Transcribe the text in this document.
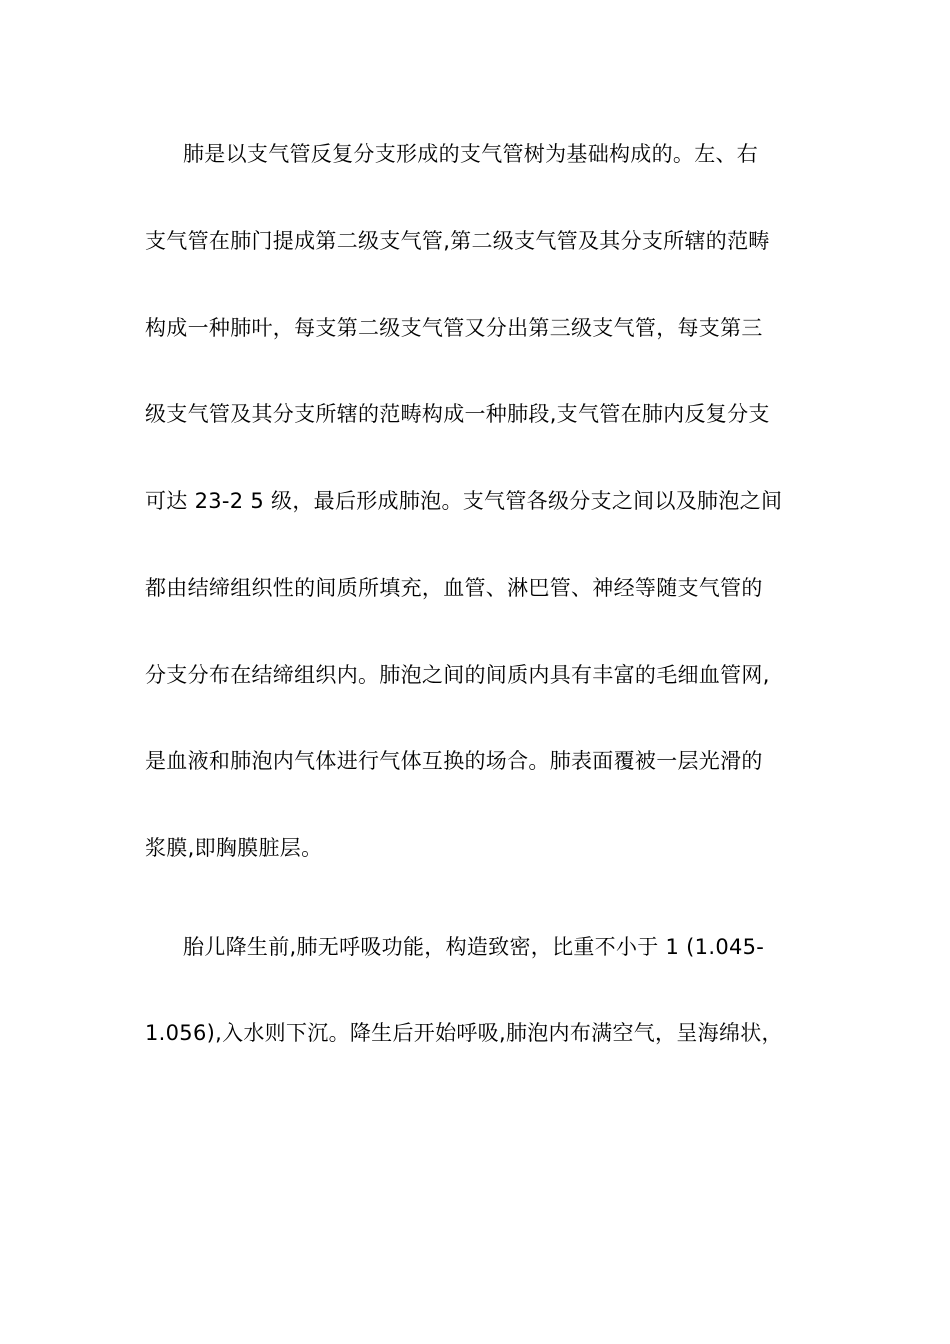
肺是以支气管反复分支形成的支气管树为基础构成的。左、右
支气管在肺门提成第二级支气管,第二级支气管及其分支所辖的范畴
构成一种肺叶，每支第二级支气管又分出第三级支气管，每支第三
级支气管及其分支所辖的范畴构成一种肺段,支气管在肺内反复分支
可达 23-2 5 级，最后形成肺泡。支气管各级分支之间以及肺泡之间
都由结缔组织性的间质所填充，血管、淋巴管、神经等随支气管的
分支分布在结缔组织内。肺泡之间的间质内具有丰富的毛细血管网,
是血液和肺泡内气体进行气体互换的场合。肺表面覆被一层光滑的
浆膜,即胸膜脏层。
胎儿降生前,肺无呼吸功能，构造致密，比重不小于 1 (1.045-
1.056),入水则下沉。降生后开始呼吸,肺泡内布满空气，呈海绵状，
